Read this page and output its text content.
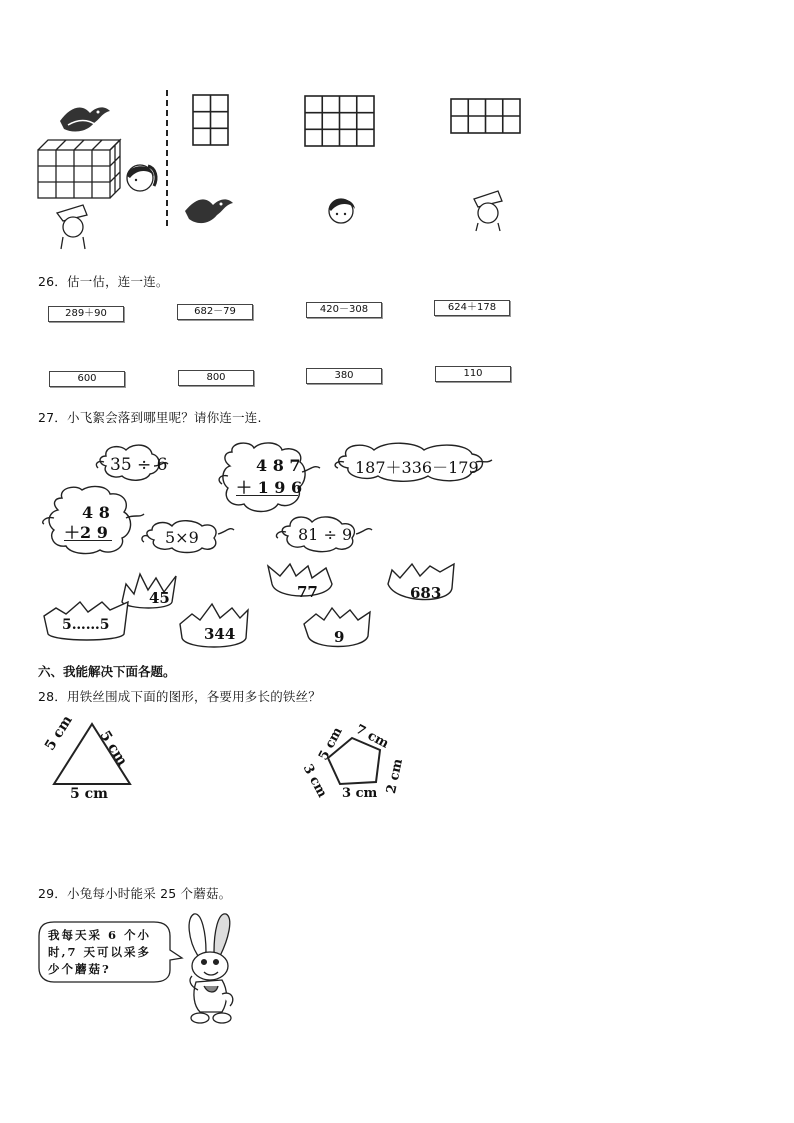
26．估一估，连一连。
289＋90	682－79	420－308	624＋178
600	800	380	110
27．小飞絮会落到哪里呢？请你连一连.
35 ÷ 6	4 8 7
＋ 1 9 6
187＋336－179
4 8
＋2 9	5×9	81 ÷ 9
45	77	683
5……5	344	9
六、我能解决下面各题。
28．用铁丝围成下面的图形，各要用多长的铁丝？
5 cm 5 cm
5 cm
5 cm 7 cm
3 cm	2 cm
3 cm
29．小兔每小时能采 25 个蘑菇。
我每天采 6 个小
时,7 天可以采多
少个蘑菇?
